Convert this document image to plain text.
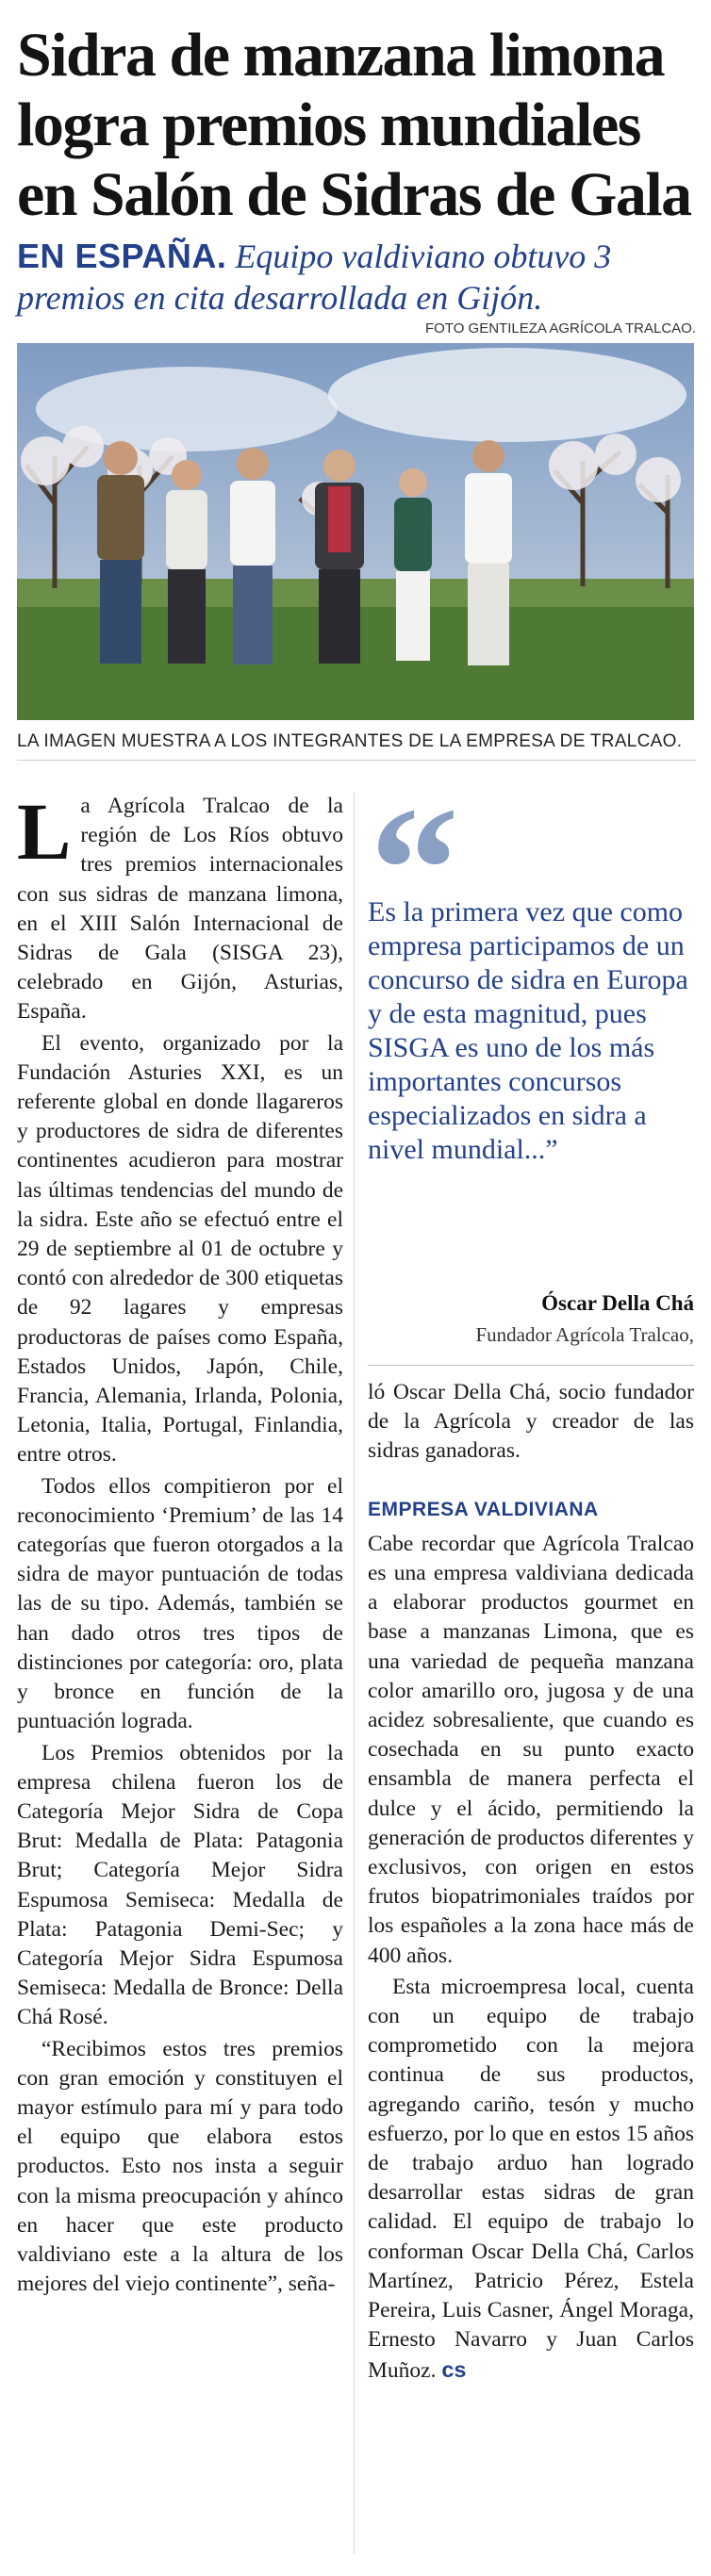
Sidra de manzana limona
logra premios mundiales
en Salón de Sidras de Gala
EN ESPAÑA. Equipo valdiviano obtuvo 3 premios en cita desarrollada en Gijón.
FOTO GENTILEZA AGRÍCOLA TRALCAO.
LA IMAGEN MUESTRA A LOS INTEGRANTES DE LA EMPRESA DE TRALCAO.

La Agrícola Tralcao de la región de Los Ríos obtuvo tres premios internacionales con sus sidras de manzana limona, en el XIII Salón Internacional de Sidras de Gala (SISGA 23), celebrado en Gijón, Asturias, España.

El evento, organizado por la Fundación Asturies XXI, es un referente global en donde llagareros y productores de sidra de diferentes continentes acudieron para mostrar las últimas tendencias del mundo de la sidra. Este año se efectuó entre el 29 de septiembre al 01 de octubre y contó con alrededor de 300 etiquetas de 92 lagares y empresas productoras de países como España, Estados Unidos, Japón, Chile, Francia, Alemania, Irlanda, Polonia, Letonia, Italia, Portugal, Finlandia, entre otros.

Todos ellos compitieron por el reconocimiento ‘Premium’ de las 14 categorías que fueron otorgados a la sidra de mayor puntuación de todas las de su tipo. Además, también se han dado otros tres tipos de distinciones por categoría: oro, plata y bronce en función de la puntuación lograda.

Los Premios obtenidos por la empresa chilena fueron los de Categoría Mejor Sidra de Copa Brut: Medalla de Plata: Patagonia Brut; Categoría Mejor Sidra Espumosa Semiseca: Medalla de Plata: Patagonia Demi-Sec; y Categoría Mejor Sidra Espumosa Semiseca: Medalla de Bronce: Della Chá Rosé.

“Recibimos estos tres premios con gran emoción y constituyen el mayor estímulo para mí y para todo el equipo que elabora estos productos. Esto nos insta a seguir con la misma preocupación y ahínco en hacer que este producto valdiviano este a la altura de los mejores del viejo continente”, seña-

“
Es la primera vez que como empresa participamos de un concurso de sidra en Europa y de esta magnitud, pues SISGA es uno de los más importantes concursos especializados en sidra a nivel mundial...”
Óscar Della Chá
Fundador Agrícola Tralcao,

ló Oscar Della Chá, socio fundador de la Agrícola y creador de las sidras ganadoras.

EMPRESA VALDIVIANA

Cabe recordar que Agrícola Tralcao es una empresa valdiviana dedicada a elaborar productos gourmet en base a manzanas Limona, que es una variedad de pequeña manzana color amarillo oro, jugosa y de una acidez sobresaliente, que cuando es cosechada en su punto exacto ensambla de manera perfecta el dulce y el ácido, permitiendo la generación de productos diferentes y exclusivos, con origen en estos frutos biopatrimoniales traídos por los españoles a la zona hace más de 400 años.

Esta microempresa local, cuenta con un equipo de trabajo comprometido con la mejora continua de sus productos, agregando cariño, tesón y mucho esfuerzo, por lo que en estos 15 años de trabajo arduo han logrado desarrollar estas sidras de gran calidad. El equipo de trabajo lo conforman Oscar Della Chá, Carlos Martínez, Patricio Pérez, Estela Pereira, Luis Casner, Ángel Moraga, Ernesto Navarro y Juan Carlos Muñoz. cs
